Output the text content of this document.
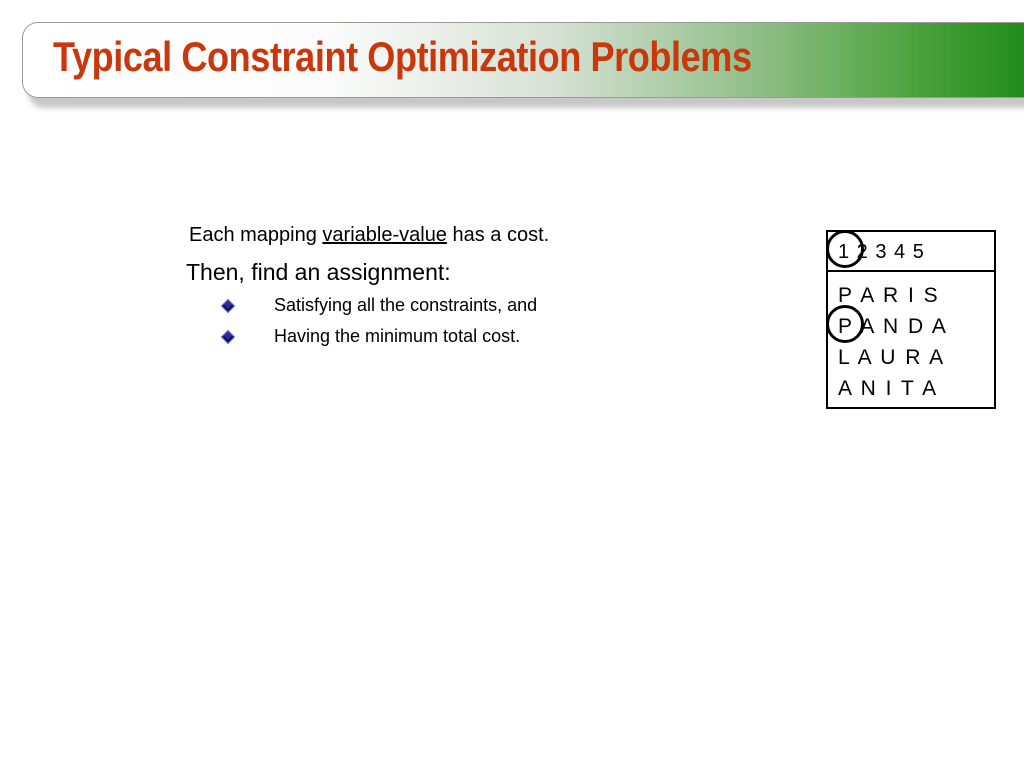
Typical Constraint Optimization Problems
Each mapping variable-value has a cost.
Then, find an assignment:
Satisfying all the constraints, and
Having the minimum total cost.
1 2 3 4 5
P A R I S
P A N D A
L A U R A
A N I T A
